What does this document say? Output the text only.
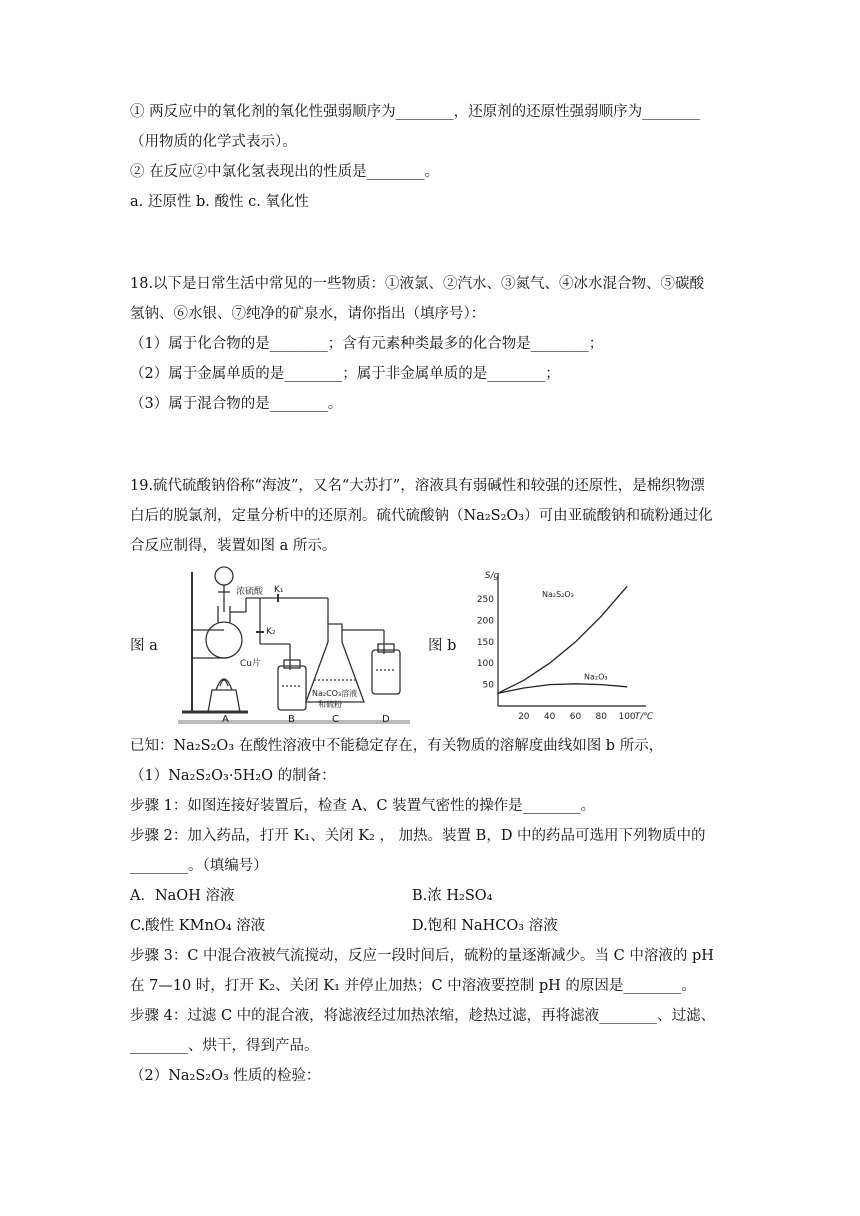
① 两反应中的氧化剂的氧化性强弱顺序为________，还原剂的还原性强弱顺序为________
（用物质的化学式表示）。
② 在反应②中氯化氢表现出的性质是________。
a. 还原性 b. 酸性 c. 氧化性
18.以下是日常生活中常见的一些物质：①液氯、②汽水、③氮气、④冰水混合物、⑤碳酸
氢钠、⑥水银、⑦纯净的矿泉水，请你指出（填序号）：
（1）属于化合物的是________；含有元素种类最多的化合物是________；
（2）属于金属单质的是________；属于非金属单质的是________；
（3）属于混合物的是________。
19.硫代硫酸钠俗称“海波”，又名“大苏打”，溶液具有弱碱性和较强的还原性，是棉织物漂
白后的脱氯剂，定量分析中的还原剂。硫代硫酸钠（Na₂S₂O₃）可由亚硫酸钠和硫粉通过化
合反应制得，装置如图 a 所示。
图 a
浓硫酸 K₁
K₂
Cu片
Na₂CO₃溶液
和硫粉
A	B	C	D
图 b
20 40 60 80 100
50
100
150
200
250
T/℃
S/g
Na₂S₂O₃
Na₂O₃
已知：Na₂S₂O₃ 在酸性溶液中不能稳定存在，有关物质的溶解度曲线如图 b 所示，
（1）Na₂S₂O₃·5H₂O 的制备：
步骤 1：如图连接好装置后，检查 A、C 装置气密性的操作是________。
步骤 2：加入药品，打开 K₁、关闭 K₂ ， 加热。装置 B，D 中的药品可选用下列物质中的
________。（填编号）
A．NaOH 溶液	B.浓 H₂SO₄
C.酸性 KMnO₄ 溶液	D.饱和 NaHCO₃ 溶液
步骤 3：C 中混合液被气流搅动，反应一段时间后，硫粉的量逐渐减少。当 C 中溶液的 pH
在 7—10 时，打开 K₂、关闭 K₁ 并停止加热；C 中溶液要控制 pH 的原因是________。
步骤 4：过滤 C 中的混合液，将滤液经过加热浓缩，趁热过滤，再将滤液________、过滤、
________、烘干，得到产品。
（2）Na₂S₂O₃ 性质的检验：
